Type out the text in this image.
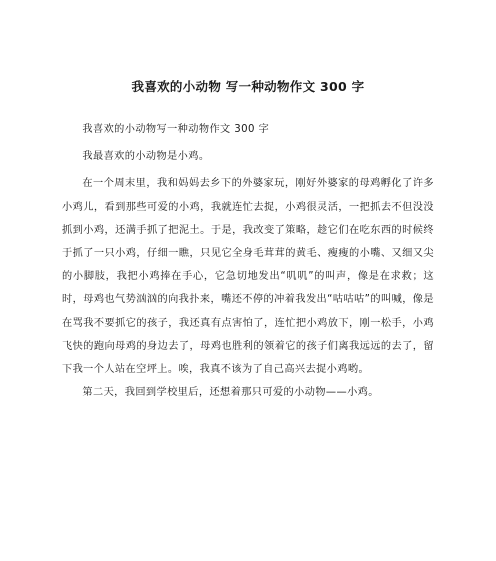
我喜欢的小动物 写一种动物作文 300 字

我喜欢的小动物写一种动物作文 300 字

我最喜欢的小动物是小鸡。

在一个周末里，我和妈妈去乡下的外婆家玩，刚好外婆家的母鸡孵化了许多小鸡儿，看到那些可爱的小鸡，我就连忙去捉，小鸡很灵活，一把抓去不但没没抓到小鸡，还满手抓了把泥土。于是，我改变了策略，趁它们在吃东西的时候终于抓了一只小鸡，仔细一瞧，只见它全身毛茸茸的黄毛、瘦瘦的小嘴、又细又尖的小脚肢，我把小鸡捧在手心，它急切地发出“叽叽”的叫声，像是在求救；这时，母鸡也气势汹汹的向我扑来，嘴还不停的冲着我发出“咕咕咕”的叫喊，像是在骂我不要抓它的孩子，我还真有点害怕了，连忙把小鸡放下，刚一松手，小鸡飞快的跑向母鸡的身边去了，母鸡也胜利的领着它的孩子们离我远远的去了，留下我一个人站在空坪上。唉，我真不该为了自己高兴去捉小鸡哟。

第二天，我回到学校里后，还想着那只可爱的小动物——小鸡。
